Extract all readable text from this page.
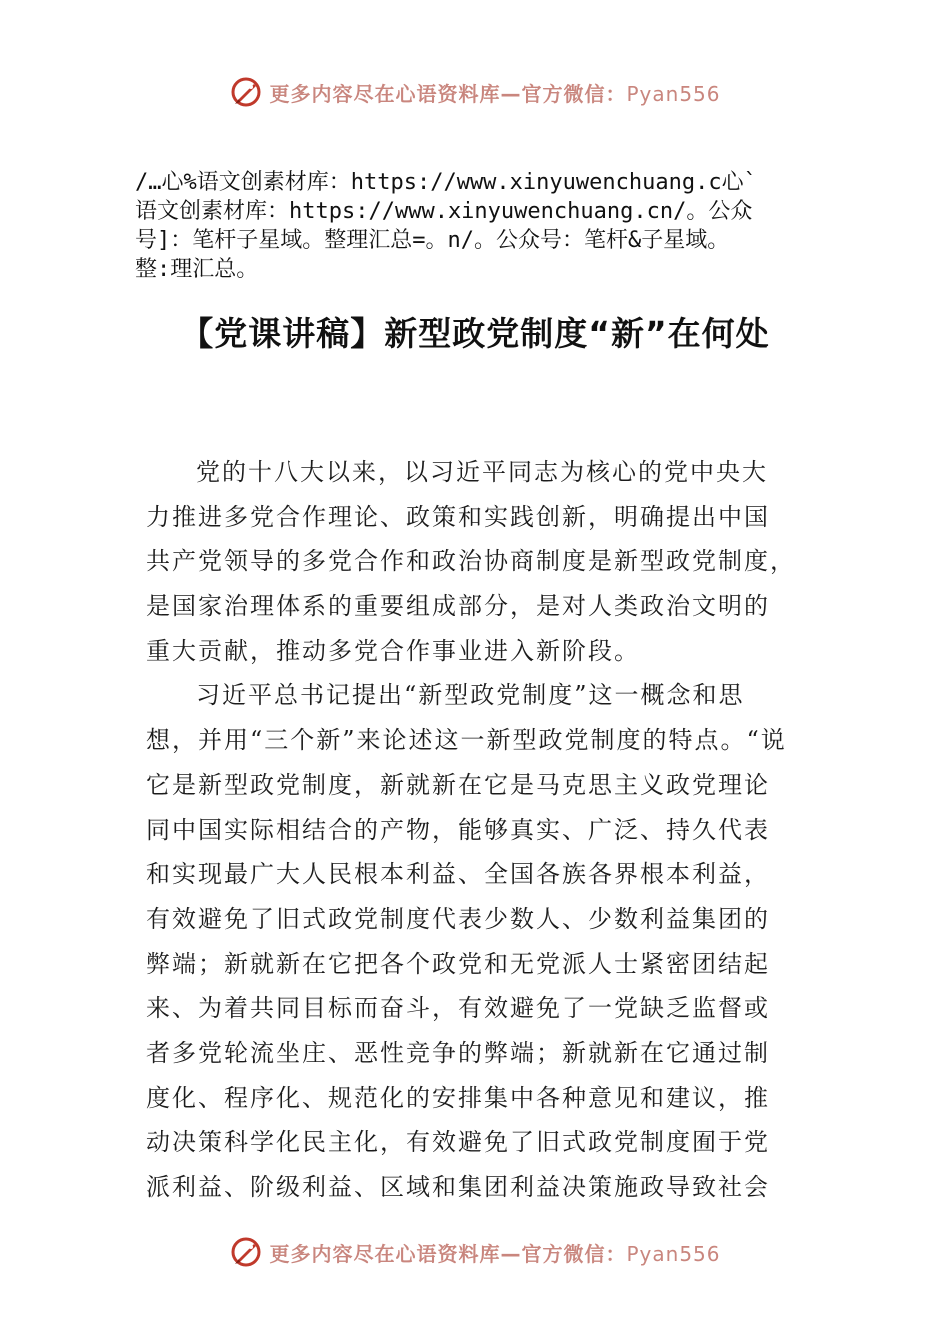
更多内容尽在心语资料库—官方微信：Pyan556
/…心%语文创素材库：https://www.xinyuwenchuang.c心`
语文创素材库：https://www.xinyuwenchuang.cn/。公众
号]：笔杆子星域。整理汇总=。n/。公众号：笔杆&子星域。
整:理汇总。
【党课讲稿】新型政党制度“新”在何处
党的十八大以来，以习近平同志为核心的党中央大
力推进多党合作理论、政策和实践创新，明确提出中国
共产党领导的多党合作和政治协商制度是新型政党制度，
是国家治理体系的重要组成部分，是对人类政治文明的
重大贡献，推动多党合作事业进入新阶段。
习近平总书记提出“新型政党制度”这一概念和思
想，并用“三个新”来论述这一新型政党制度的特点。“说
它是新型政党制度，新就新在它是马克思主义政党理论
同中国实际相结合的产物，能够真实、广泛、持久代表
和实现最广大人民根本利益、全国各族各界根本利益，
有效避免了旧式政党制度代表少数人、少数利益集团的
弊端；新就新在它把各个政党和无党派人士紧密团结起
来、为着共同目标而奋斗，有效避免了一党缺乏监督或
者多党轮流坐庄、恶性竞争的弊端；新就新在它通过制
度化、程序化、规范化的安排集中各种意见和建议，推
动决策科学化民主化，有效避免了旧式政党制度囿于党
派利益、阶级利益、区域和集团利益决策施政导致社会
更多内容尽在心语资料库—官方微信：Pyan556
